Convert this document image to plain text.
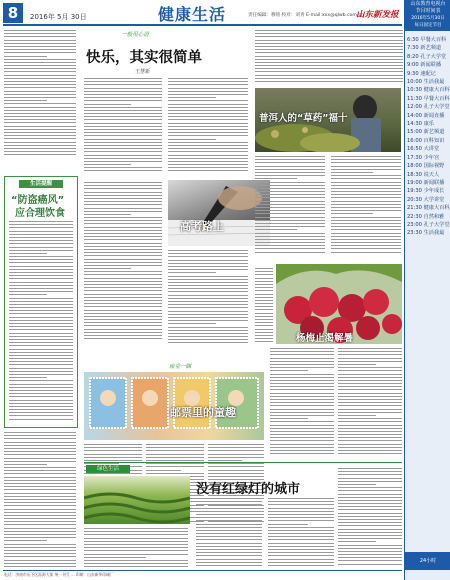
8	2016年 5月 30日	健康生活	责任编辑：穆铭 校对：刘青 E-mail:xxx@qlwb.com.cn
山东新发报
生活提醒
“防盗癌风”
应合理饮食
一般用心语
快乐，其实很简单
王慧新
高考路上
普洱人的“草药”福十
杨梅止渴解暑
庙堂一隅
邮票里的童趣
绿色生活
没有红绿灯的城市
电话：济南市历下区泺源大街 统一刊号 ... 印刷：山东新华印刷厂
山东教育电视台
节目时间表
2016年5月30日
每日固定节目
6:30 早餐大百科
7:30 新艺频道
8:20 孔子大学堂
9:00 新闻联播
9:30 速配记
10:00 生活我最
10:30 健康大百科
11:30 早餐大百科
12:00 孔子大学堂
14:00 新闻直播
14:30 康乐
15:00 新艺频道
16:00 百科知识
16:50 大讲堂
17:30 少年宫
18:00 国际视野
18:30 说天人
19:00 新闻联播
19:30 少年成长
20:30 大学讲堂
21:30 健康大百科
22:30 自然和雅
23:00 孔子大学堂
23:30 生活我最
24小时
